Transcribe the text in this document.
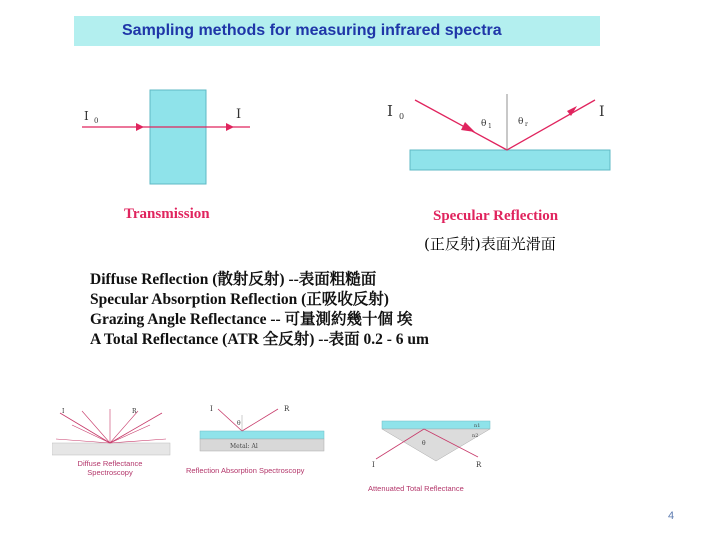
Sampling methods for measuring infrared spectra
I 0	I
Transmission
I 0	I
θ 1	θ r
Specular Reflection
(正反射)表面光滑面
Diffuse Reflection (散射反射) --表面粗糙面
Specular Absorption Reflection (正吸收反射)
Grazing Angle Reflectance -- 可量測約幾十個 埃
A Total Reflectance (ATR 全反射) --表面 0.2 - 6 um
I	R
Diffuse Reflectance
Spectroscopy
I	R
θ
Metal: Al
Reflection Absorption Spectroscopy
I	R
θ
n1
n2
Attenuated Total Reflectance
4
